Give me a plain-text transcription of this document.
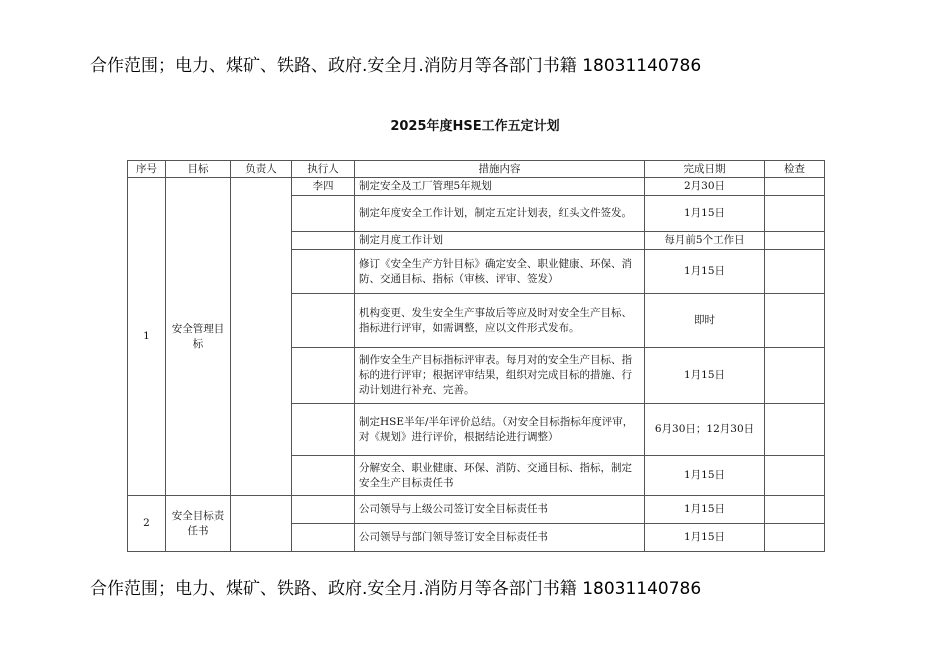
合作范围；电力、煤矿、铁路、政府.安全月.消防月等各部门书籍 18031140786
2025年度HSE工作五定计划
序号	目标	负责人	执行人	措施内容	完成日期	检查
1	安全管理目标		李四	制定安全及工厂管理5年规划	2月30日	
				制定年度安全工作计划，制定五定计划表，红头文件签发。	1月15日	
				制定月度工作计划	每月前5个工作日	
				修订《安全生产方针目标》确定安全、职业健康、环保、消防、交通目标、指标（审核、评审、签发）	1月15日	
				机构变更、发生安全生产事故后等应及时对安全生产目标、指标进行评审，如需调整，应以文件形式发布。	即时	
				制作安全生产目标指标评审表。每月对的安全生产目标、指标的进行评审；根据评审结果，组织对完成目标的措施、行动计划进行补充、完善。	1月15日	
				制定HSE半年/半年评价总结。（对安全目标指标年度评审，对《规划》进行评价，根据结论进行调整）	6月30日；12月30日	
				分解安全、职业健康、环保、消防、交通目标、指标，制定安全生产目标责任书	1月15日	
2	安全目标责任书			公司领导与上级公司签订安全目标责任书	1月15日	
				公司领导与部门领导签订安全目标责任书	1月15日	
合作范围；电力、煤矿、铁路、政府.安全月.消防月等各部门书籍 18031140786
